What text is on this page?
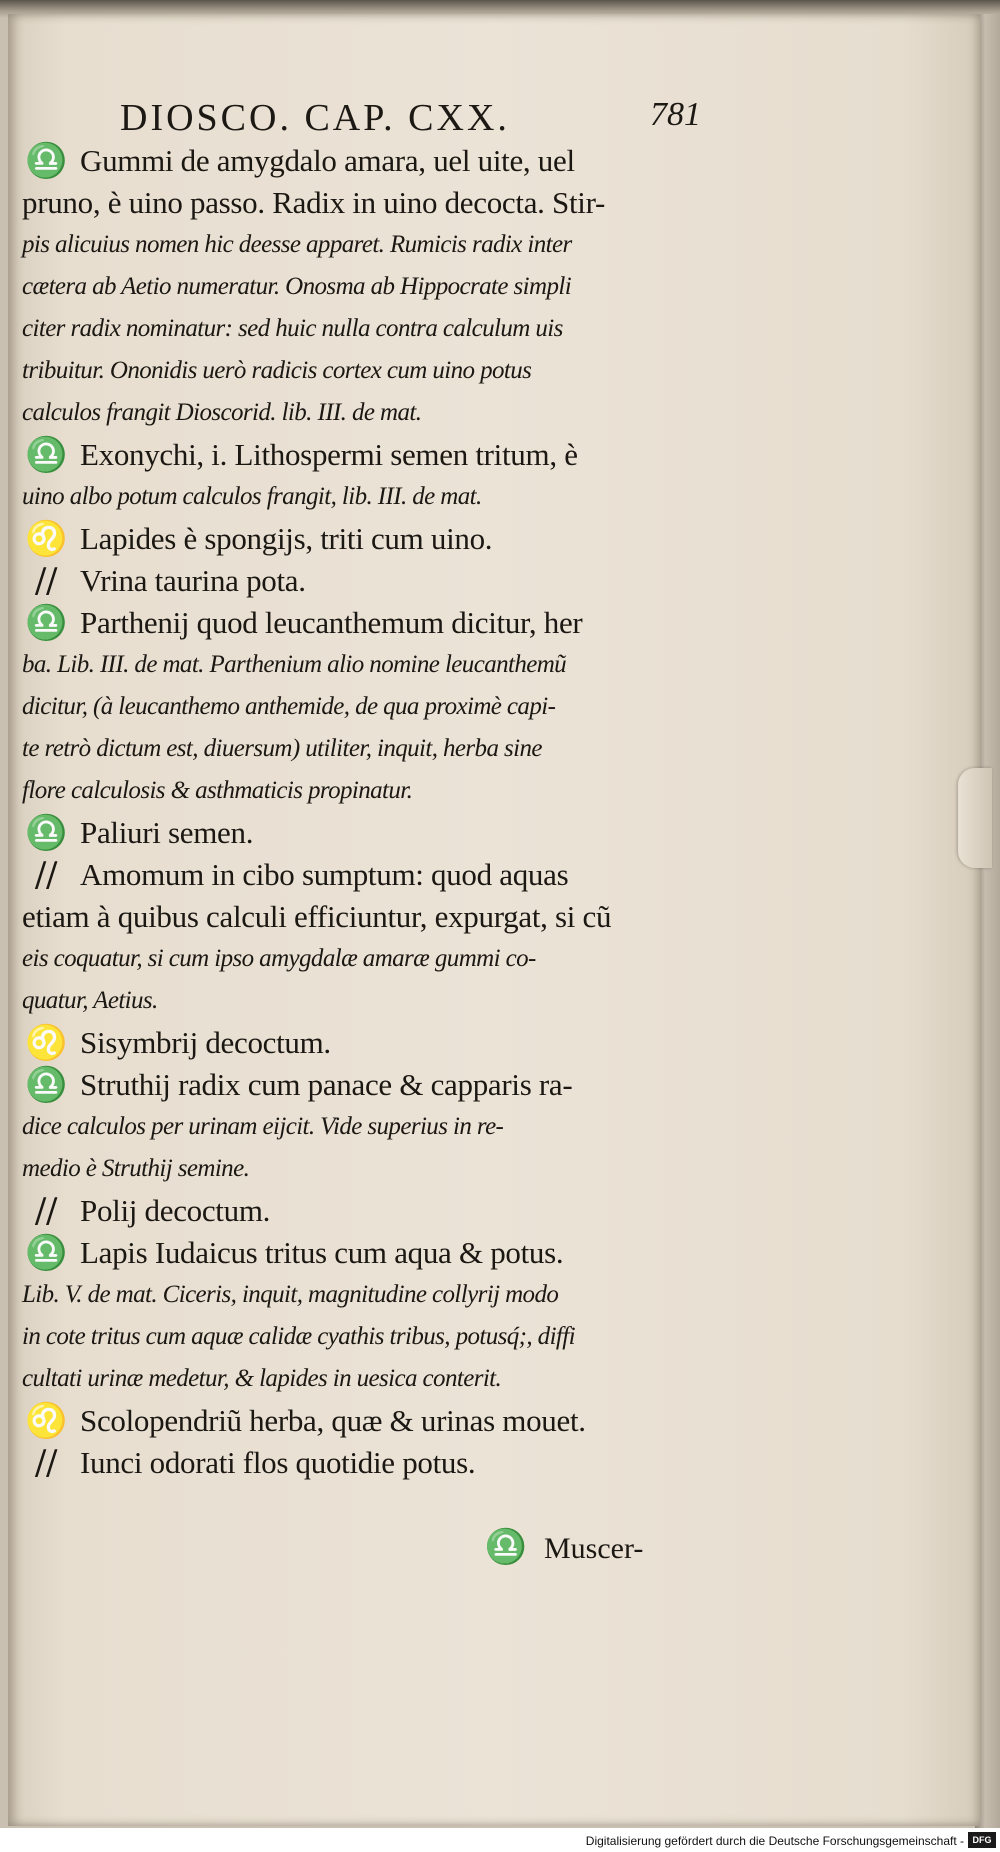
DIOSCO. CAP. CXX.	781
♎ Gummi de amygdalo amara, uel uite, uel
pruno, è uino passo. Radix in uino decocta. Stir-
pis alicuius nomen hic deesse apparet. Rumicis radix inter
cætera ab Aetio numeratur. Onosma ab Hippocrate simpli
citer radix nominatur: sed huic nulla contra calculum uis
tribuitur. Ononidis uerò radicis cortex cum uino potus
calculos frangit Dioscorid. lib. III. de mat.
♎ Exonychi, i. Lithospermi semen tritum, è
uino albo potum calculos frangit, lib. III. de mat.
♌ Lapides è spongijs, triti cum uino.
// Vrina taurina pota.
♎ Parthenij quod leucanthemum dicitur, her
ba. Lib. III. de mat. Parthenium alio nomine leucanthemũ
dicitur, (à leucanthemo anthemide, de qua proximè capi-
te retrò dictum est, diuersum) utiliter, inquit, herba sine
flore calculosis & asthmaticis propinatur.
♎ Paliuri semen.
// Amomum in cibo sumptum: quod aquas
etiam à quibus calculi efficiuntur, expurgat, si cũ
eis coquatur, si cum ipso amygdalæ amaræ gummi co-
quatur, Aetius.
♌ Sisymbrij decoctum.
♎ Struthij radix cum panace & capparis ra-
dice calculos per urinam eijcit. Vide superius in re-
medio è Struthij semine.
// Polij decoctum.
♎ Lapis Iudaicus tritus cum aqua & potus.
Lib. V. de mat. Ciceris, inquit, magnitudine collyrij modo
in cote tritus cum aquæ calidæ cyathis tribus, potusq́;, diffi
cultati urinæ medetur, & lapides in uesica conterit.
♌ Scolopendriũ herba, quæ & urinas mouet.
// Iunci odorati flos quotidie potus.
♎ Muscer-
Digitalisierung gefördert durch die Deutsche Forschungsgemeinschaft - DFG
